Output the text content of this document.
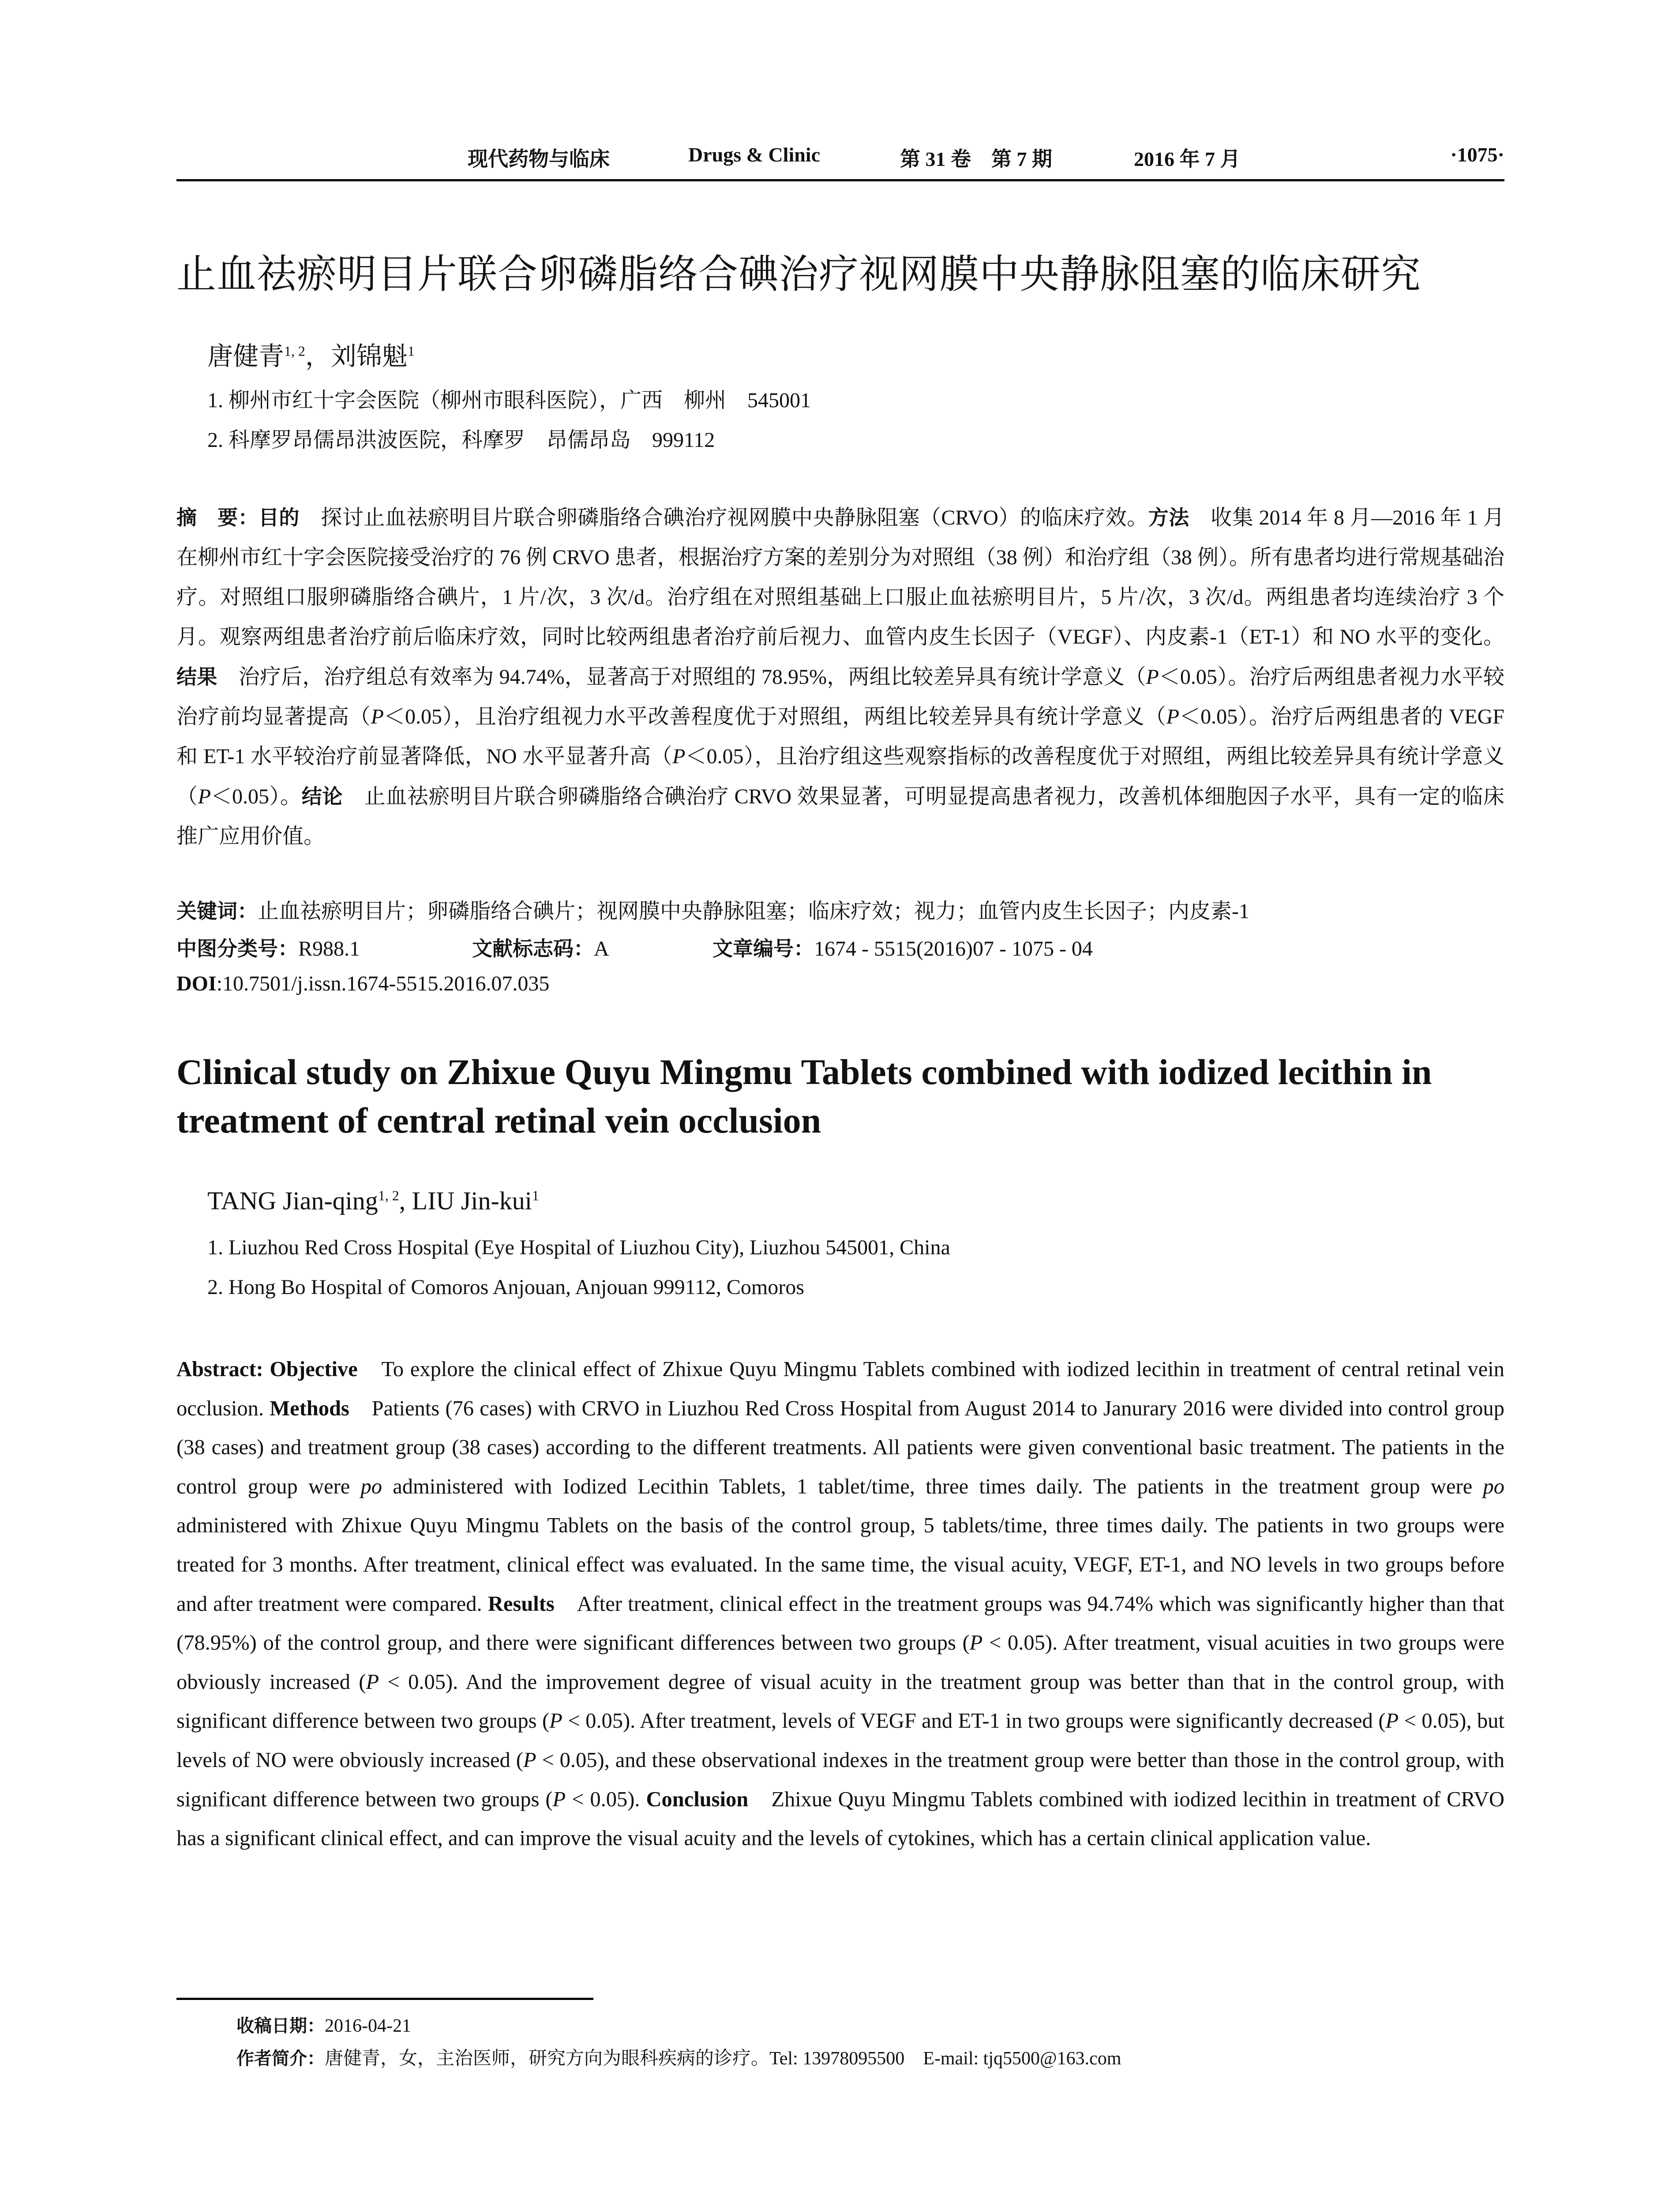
现代药物与临床	Drugs & Clinic	第 31 卷　第 7 期	2016 年 7 月	·1075·
止血祛瘀明目片联合卵磷脂络合碘治疗视网膜中央静脉阻塞的临床研究
唐健青$^{1, 2}$，刘锦魁$^1$
1. 柳州市红十字会医院（柳州市眼科医院），广西　柳州　545001
2. 科摩罗昂儒昂洪波医院，科摩罗　昂儒昂岛　999112
摘　要：目的　探讨止血祛瘀明目片联合卵磷脂络合碘治疗视网膜中央静脉阻塞（CRVO）的临床疗效。方法　收集 2014 年 8 月—2016 年 1 月在柳州市红十字会医院接受治疗的 76 例 CRVO 患者，根据治疗方案的差别分为对照组（38 例）和治疗组（38 例）。所有患者均进行常规基础治疗。对照组口服卵磷脂络合碘片，1 片/次，3 次/d。治疗组在对照组基础上口服止血祛瘀明目片，5 片/次，3 次/d。两组患者均连续治疗 3 个月。观察两组患者治疗前后临床疗效，同时比较两组患者治疗前后视力、血管内皮生长因子（VEGF）、内皮素-1（ET-1）和 NO 水平的变化。结果　治疗后，治疗组总有效率为 94.74%，显著高于对照组的 78.95%，两组比较差异具有统计学意义（P＜0.05）。治疗后两组患者视力水平较治疗前均显著提高（P＜0.05），且治疗组视力水平改善程度优于对照组，两组比较差异具有统计学意义（P＜0.05）。治疗后两组患者的 VEGF 和 ET-1 水平较治疗前显著降低，NO 水平显著升高（P＜0.05），且治疗组这些观察指标的改善程度优于对照组，两组比较差异具有统计学意义（P＜0.05）。结论　止血祛瘀明目片联合卵磷脂络合碘治疗 CRVO 效果显著，可明显提高患者视力，改善机体细胞因子水平，具有一定的临床推广应用价值。
关键词：止血祛瘀明目片；卵磷脂络合碘片；视网膜中央静脉阻塞；临床疗效；视力；血管内皮生长因子；内皮素-1
中图分类号：R988.1	文献标志码：A	文章编号：1674 - 5515(2016)07 - 1075 - 04
DOI:10.7501/j.issn.1674-5515.2016.07.035
Clinical study on Zhixue Quyu Mingmu Tablets combined with iodized lecithin in treatment of central retinal vein occlusion
TANG Jian-qing$^{1, 2}$, LIU Jin-kui$^1$
1. Liuzhou Red Cross Hospital (Eye Hospital of Liuzhou City), Liuzhou 545001, China
2. Hong Bo Hospital of Comoros Anjouan, Anjouan 999112, Comoros
Abstract: Objective　To explore the clinical effect of Zhixue Quyu Mingmu Tablets combined with iodized lecithin in treatment of central retinal vein occlusion. Methods　Patients (76 cases) with CRVO in Liuzhou Red Cross Hospital from August 2014 to Janurary 2016 were divided into control group (38 cases) and treatment group (38 cases) according to the different treatments. All patients were given conventional basic treatment. The patients in the control group were po administered with Iodized Lecithin Tablets, 1 tablet/time, three times daily. The patients in the treatment group were po administered with Zhixue Quyu Mingmu Tablets on the basis of the control group, 5 tablets/time, three times daily. The patients in two groups were treated for 3 months. After treatment, clinical effect was evaluated. In the same time, the visual acuity, VEGF, ET-1, and NO levels in two groups before and after treatment were compared. Results　After treatment, clinical effect in the treatment groups was 94.74% which was significantly higher than that (78.95%) of the control group, and there were significant differences between two groups (P < 0.05). After treatment, visual acuities in two groups were obviously increased (P < 0.05). And the improvement degree of visual acuity in the treatment group was better than that in the control group, with significant difference between two groups (P < 0.05). After treatment, levels of VEGF and ET-1 in two groups were significantly decreased (P < 0.05), but levels of NO were obviously increased (P < 0.05), and these observational indexes in the treatment group were better than those in the control group, with significant difference between two groups (P < 0.05). Conclusion　Zhixue Quyu Mingmu Tablets combined with iodized lecithin in treatment of CRVO has a significant clinical effect, and can improve the visual acuity and the levels of cytokines, which has a certain clinical application value.
收稿日期：2016-04-21
作者简介：唐健青，女，主治医师，研究方向为眼科疾病的诊疗。Tel: 13978095500　E-mail: tjq5500@163.com
